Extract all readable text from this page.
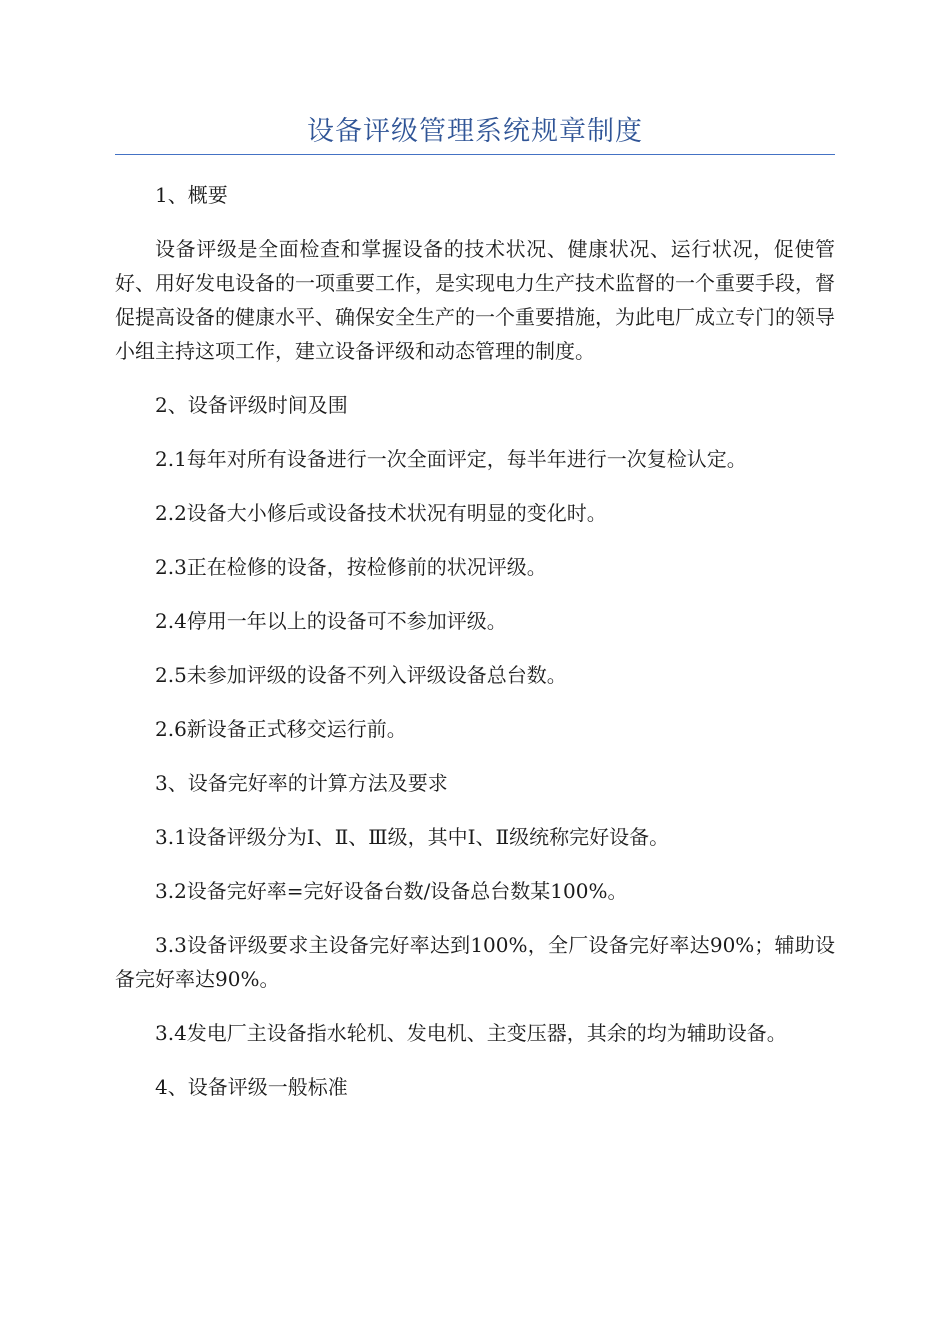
设备评级管理系统规章制度

1、概要

设备评级是全面检查和掌握设备的技术状况、健康状况、运行状况，促使管好、用好发电设备的一项重要工作，是实现电力生产技术监督的一个重要手段，督促提高设备的健康水平、确保安全生产的一个重要措施，为此电厂成立专门的领导小组主持这项工作，建立设备评级和动态管理的制度。

2、设备评级时间及围

2.1每年对所有设备进行一次全面评定，每半年进行一次复检认定。

2.2设备大小修后或设备技术状况有明显的变化时。

2.3正在检修的设备，按检修前的状况评级。

2.4停用一年以上的设备可不参加评级。

2.5未参加评级的设备不列入评级设备总台数。

2.6新设备正式移交运行前。

3、设备完好率的计算方法及要求

3.1设备评级分为Ⅰ、Ⅱ、Ⅲ级，其中Ⅰ、Ⅱ级统称完好设备。

3.2设备完好率=完好设备台数/设备总台数某100%。

3.3设备评级要求主设备完好率达到100%，全厂设备完好率达90%；辅助设备完好率达90%。

3.4发电厂主设备指水轮机、发电机、主变压器，其余的均为辅助设备。

4、设备评级一般标准
